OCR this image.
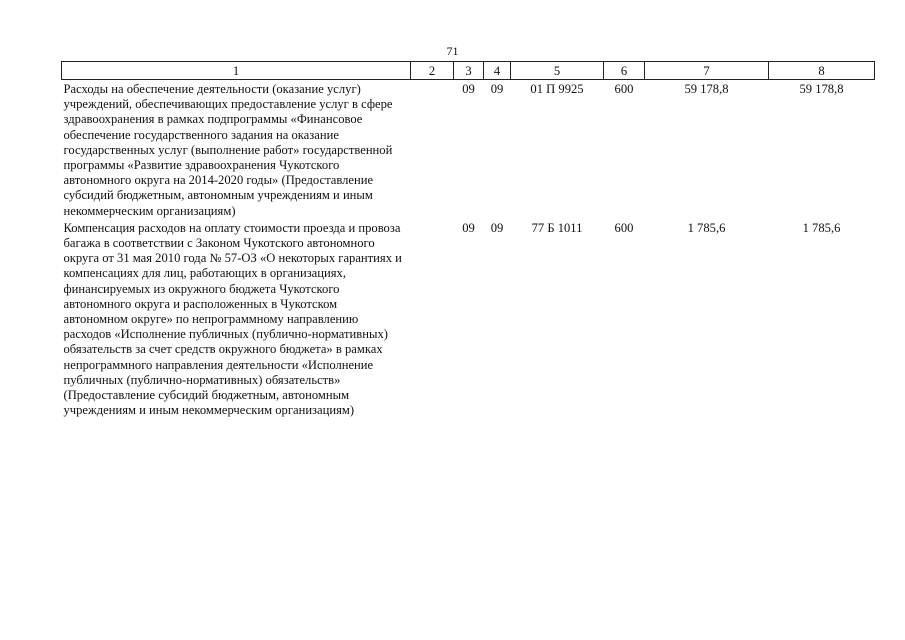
71
1	2	3	4	5	6	7	8
Расходы на обеспечение деятельности (оказание услуг) учреждений, обеспечивающих предоставление услуг в сфере здравоохранения в рамках подпрограммы «Финансовое обеспечение государственного задания на оказание государственных услуг (выполнение работ» государственной программы «Развитие здравоохранения Чукотского автономного округа на 2014-2020 годы» (Предоставление субсидий бюджетным, автономным учреждениям и иным некоммерческим организациям)		09	09	01 П 9925	600	59 178,8	59 178,8
Компенсация расходов на оплату стоимости проезда и провоза багажа в соответствии с Законом Чукотского автономного округа от 31 мая 2010 года № 57-ОЗ «О некоторых гарантиях и компенсациях для лиц, работающих в организациях, финансируемых из окружного бюджета Чукотского автономного округа и расположенных в Чукотском автономном округе» по непрограммному направлению расходов «Исполнение публичных (публично-нормативных) обязательств за счет средств окружного бюджета» в рамках непрограммного направления деятельности «Исполнение публичных (публично-нормативных) обязательств» (Предоставление субсидий бюджетным, автономным учреждениям и иным некоммерческим организациям)		09	09	77 Б 1011	600	1 785,6	1 785,6
